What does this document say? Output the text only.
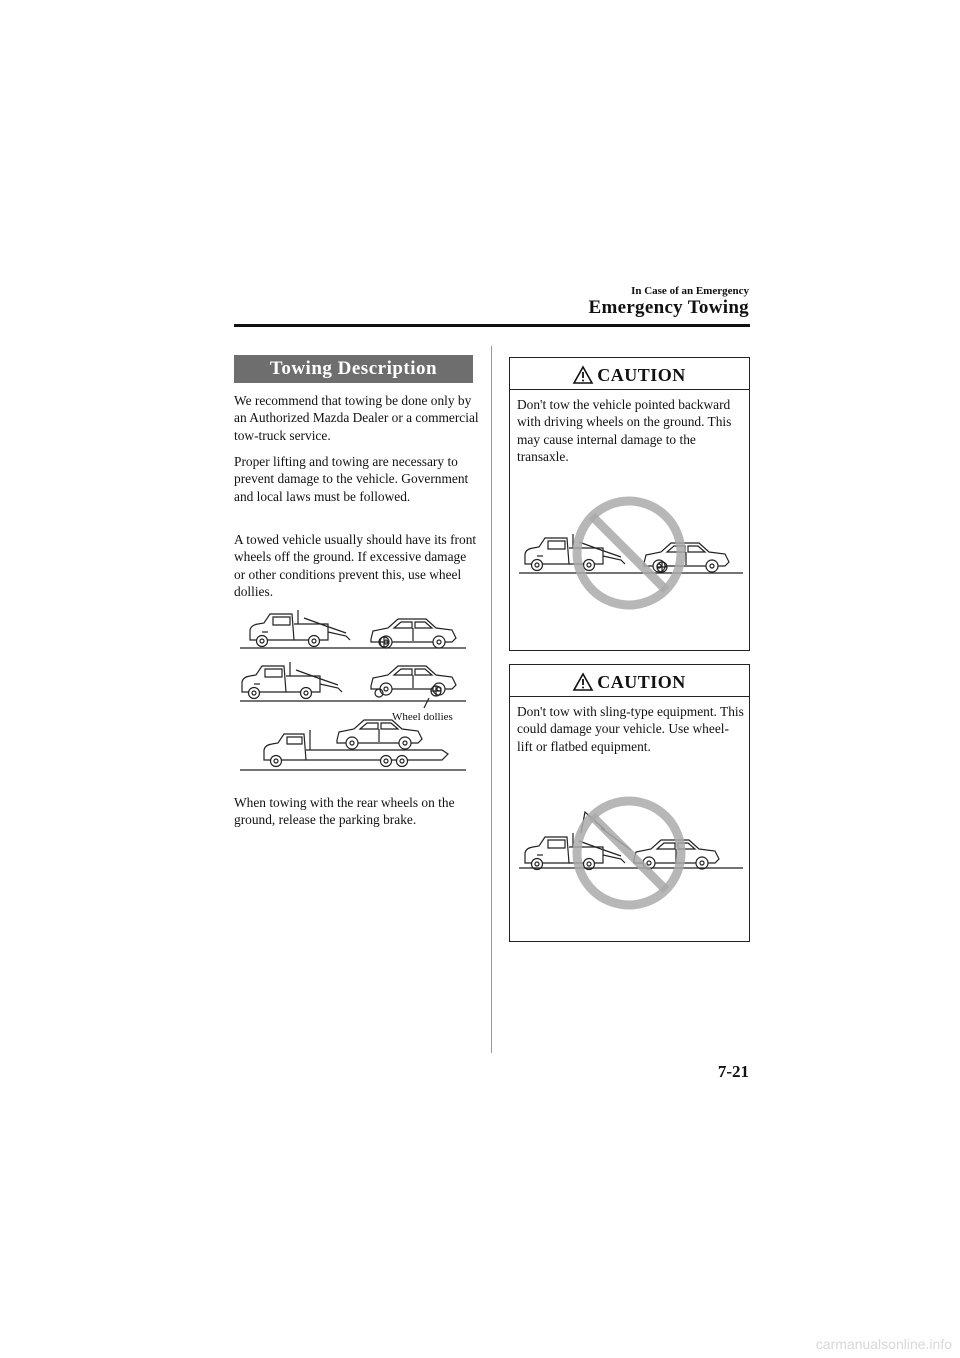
In Case of an Emergency
Emergency Towing
Towing Description

We recommend that towing be done only by an Authorized Mazda Dealer or a commercial tow-truck service.

Proper lifting and towing are necessary to prevent damage to the vehicle. Government and local laws must be followed.

A towed vehicle usually should have its front wheels off the ground. If excessive damage or other conditions prevent this, use wheel dollies.

Wheel dollies

When towing with the rear wheels on the ground, release the parking brake.

CAUTION

Don't tow the vehicle pointed backward with driving wheels on the ground. This may cause internal damage to the transaxle.

CAUTION

Don't tow with sling-type equipment. This could damage your vehicle. Use wheel-lift or flatbed equipment.

7-21
carmanualsonline.info
